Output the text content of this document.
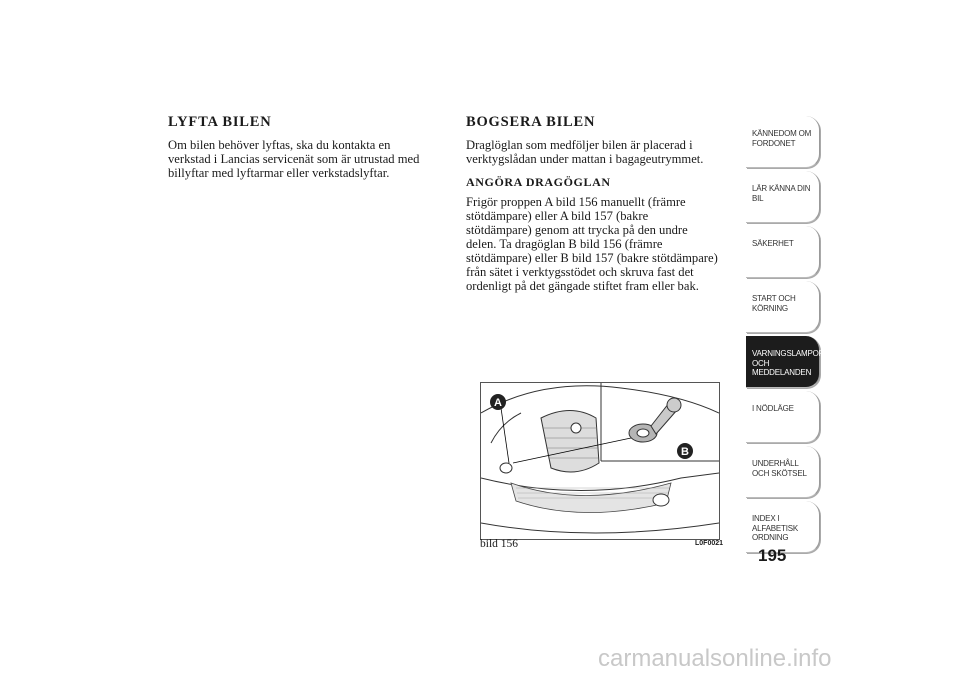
LYFTA BILEN
Om bilen behöver lyftas, ska du kontakta en
verkstad i Lancias servicenät som är utrustad med
billyftar med lyftarmar eller verkstadslyftar.
BOGSERA BILEN
Draglöglan som medföljer bilen är placerad i
verktygslådan under mattan i bagageutrymmet.
ANGÖRA DRAGÖGLAN
Frigör proppen A bild 156 manuellt (främre
stötdämpare) eller A bild 157 (bakre
stötdämpare) genom att trycka på den undre
delen. Ta dragöglan B bild 156 (främre
stötdämpare) eller B bild 157 (bakre stötdämpare)
från sätet i verktygsstödet och skruva fast det
ordenligt på det gängade stiftet fram eller bak.
A
B
bild 156	L0F0021
KÄNNEDOM OM FORDONET
LÄR KÄNNA DIN BIL
SÄKERHET
START OCH KÖRNING
VARNINGSLAMPOR OCH MEDDELANDEN
I NÖDLÄGE
UNDERHÅLL OCH SKÖTSEL
INDEX I ALFABETISK ORDNING
195
carmanualsonline.info
